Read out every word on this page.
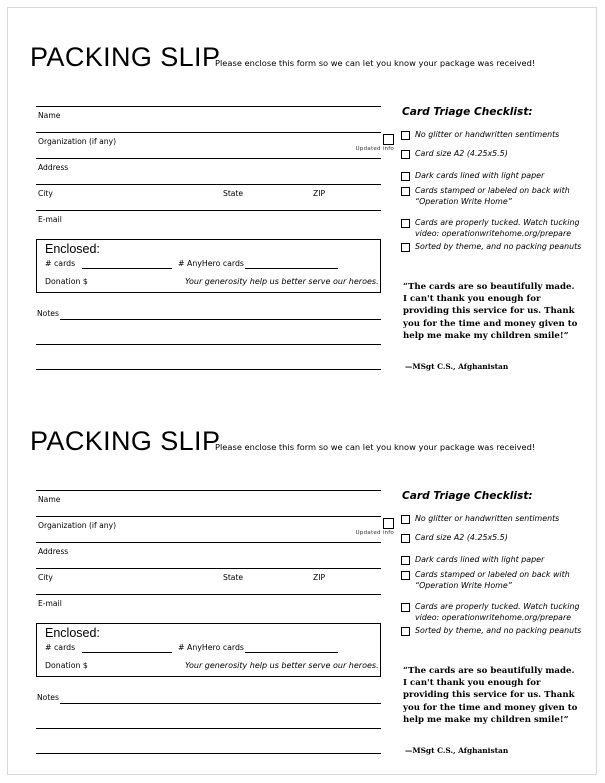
PACKING SLIP
Please enclose this form so we can let you know your package was received!
Name
Organization (if any)
Updated info
Address
City	State	ZIP
E-mail
Enclosed:
# cards	# AnyHero cards
Donation $	Your generosity help us better serve our heroes.
Notes
Card Triage Checklist:
No glitter or handwritten sentiments
Card size A2 (4.25x5.5)
Dark cards lined with light paper
Cards stamped or labeled on back with “Operation Write Home”
Cards are properly tucked. Watch tucking video: operationwritehome.org/prepare
Sorted by theme, and no packing peanuts
“The cards are so beautifully made. I can't thank you enough for providing this service for us. Thank you for the time and money given to help me make my children smile!”
—MSgt C.S., Afghanistan
PACKING SLIP
Please enclose this form so we can let you know your package was received!
Name
Organization (if any)
Updated info
Address
City	State	ZIP
E-mail
Enclosed:
# cards	# AnyHero cards
Donation $	Your generosity help us better serve our heroes.
Notes
Card Triage Checklist:
No glitter or handwritten sentiments
Card size A2 (4.25x5.5)
Dark cards lined with light paper
Cards stamped or labeled on back with “Operation Write Home”
Cards are properly tucked. Watch tucking video: operationwritehome.org/prepare
Sorted by theme, and no packing peanuts
“The cards are so beautifully made. I can't thank you enough for providing this service for us. Thank you for the time and money given to help me make my children smile!”
—MSgt C.S., Afghanistan
